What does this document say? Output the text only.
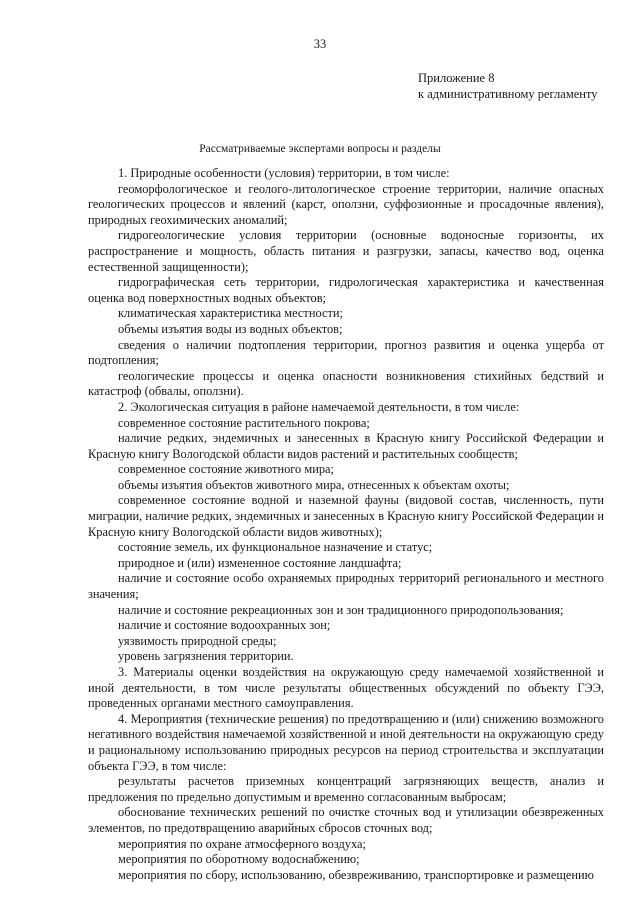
33
Приложение 8
к административному регламенту
Рассматриваемые экспертами вопросы и разделы

1. Природные особенности (условия) территории, в том числе:

геоморфологическое и геолого-литологическое строение территории, наличие опасных геологических процессов и явлений (карст, оползни, суффозионные и просадочные явления), природных геохимических аномалий;

гидрогеологические условия территории (основные водоносные горизонты, их распространение и мощность, область питания и разгрузки, запасы, качество вод, оценка естественной защищенности);

гидрографическая сеть территории, гидрологическая характеристика и качественная оценка вод поверхностных водных объектов;

климатическая характеристика местности;

объемы изъятия воды из водных объектов;

сведения о наличии подтопления территории, прогноз развития и оценка ущерба от подтопления;

геологические процессы и оценка опасности возникновения стихийных бедствий и катастроф (обвалы, оползни).

2. Экологическая ситуация в районе намечаемой деятельности, в том числе:

современное состояние растительного покрова;

наличие редких, эндемичных и занесенных в Красную книгу Российской Федерации и Красную книгу Вологодской области видов растений и растительных сообществ;

современное состояние животного мира;

объемы изъятия объектов животного мира, отнесенных к объектам охоты;

современное состояние водной и наземной фауны (видовой состав, численность, пути миграции, наличие редких, эндемичных и занесенных в Красную книгу Российской Федерации и Красную книгу Вологодской области видов животных);

состояние земель, их функциональное назначение и статус;

природное и (или) измененное состояние ландшафта;

наличие и состояние особо охраняемых природных территорий регионального и местного значения;

наличие и состояние рекреационных зон и зон традиционного природопользования;

наличие и состояние водоохранных зон;

уязвимость природной среды;

уровень загрязнения территории.

3. Материалы оценки воздействия на окружающую среду намечаемой хозяйственной и иной деятельности, в том числе результаты общественных обсуждений по объекту ГЭЭ, проведенных органами местного самоуправления.

4. Мероприятия (технические решения) по предотвращению и (или) снижению возможного негативного воздействия намечаемой хозяйственной и иной деятельности на окружающую среду и рациональному использованию природных ресурсов на период строительства и эксплуатации объекта ГЭЭ, в том числе:

результаты расчетов приземных концентраций загрязняющих веществ, анализ и предложения по предельно допустимым и временно согласованным выбросам;

обоснование технических решений по очистке сточных вод и утилизации обезвреженных элементов, по предотвращению аварийных сбросов сточных вод;

мероприятия по охране атмосферного воздуха;

мероприятия по оборотному водоснабжению;

мероприятия по сбору, использованию, обезвреживанию, транспортировке и размещению
